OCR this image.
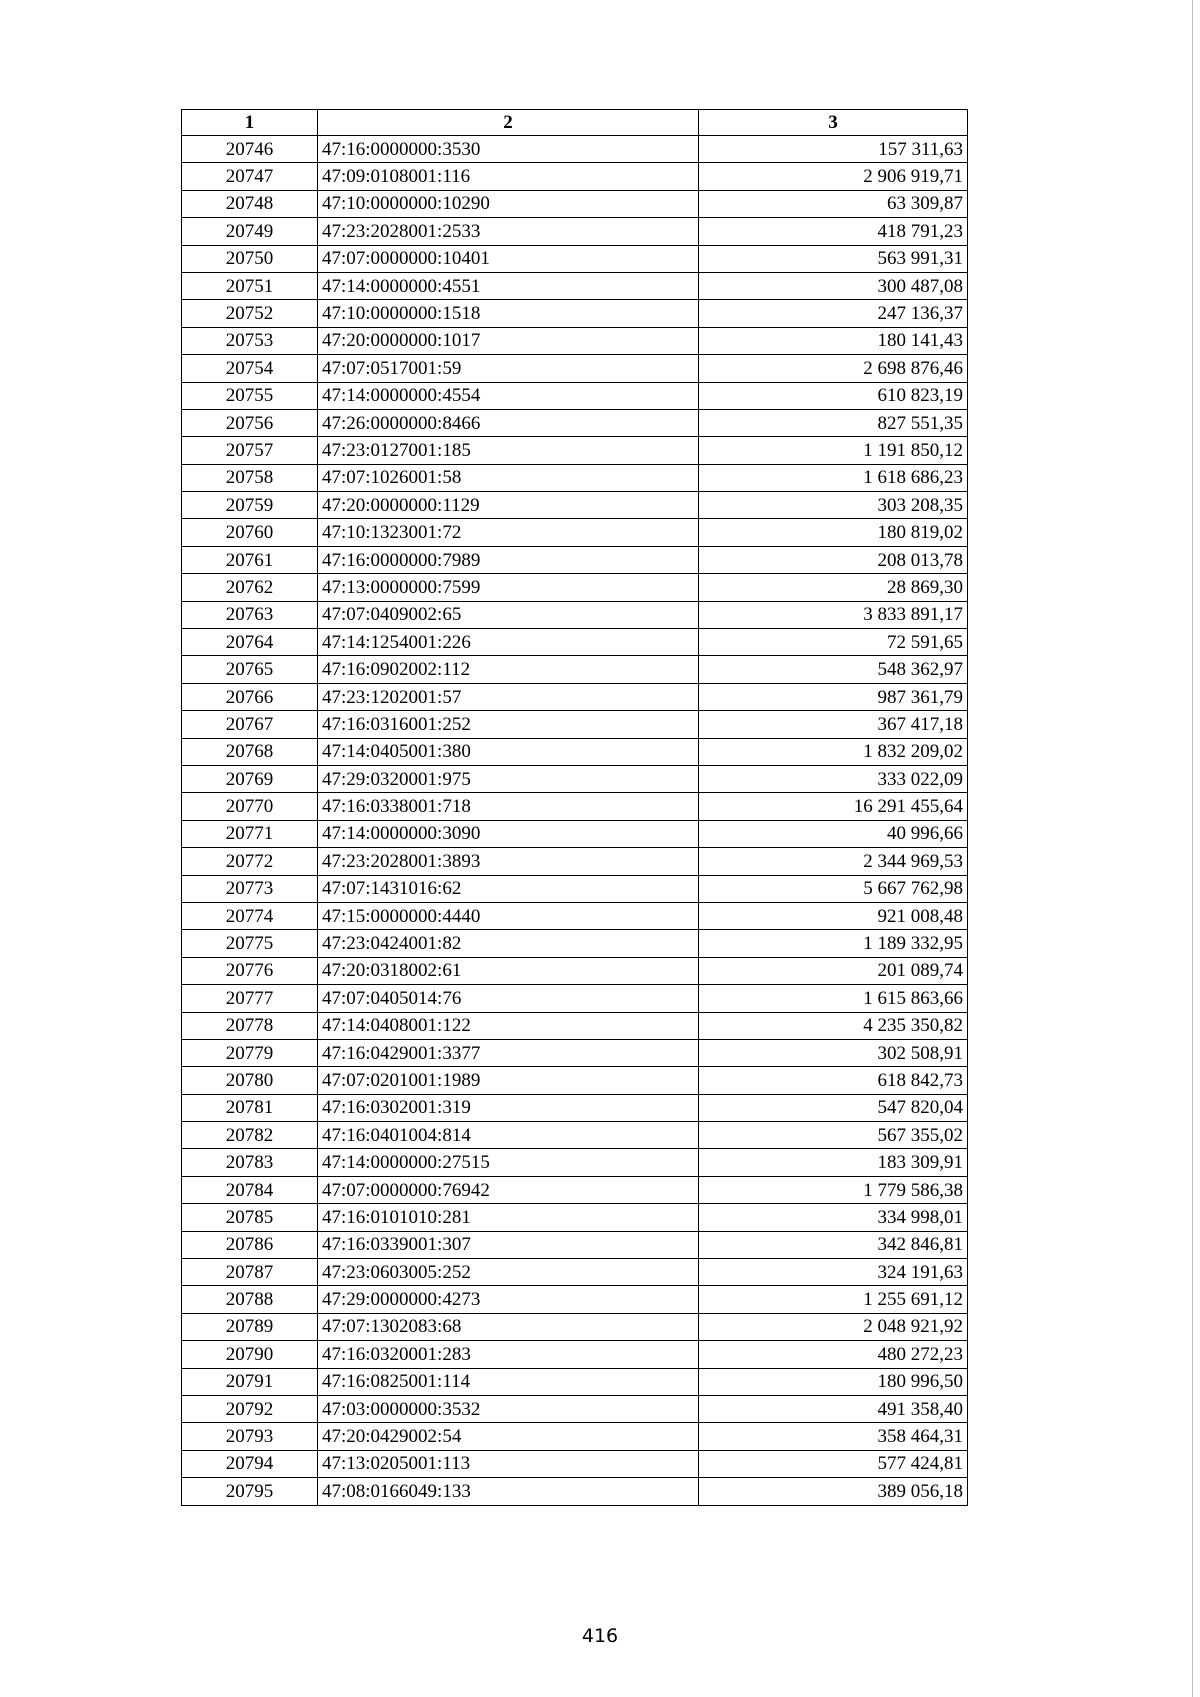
1	2	3
20746	47:16:0000000:3530	157 311,63
20747	47:09:0108001:116	2 906 919,71
20748	47:10:0000000:10290	63 309,87
20749	47:23:2028001:2533	418 791,23
20750	47:07:0000000:10401	563 991,31
20751	47:14:0000000:4551	300 487,08
20752	47:10:0000000:1518	247 136,37
20753	47:20:0000000:1017	180 141,43
20754	47:07:0517001:59	2 698 876,46
20755	47:14:0000000:4554	610 823,19
20756	47:26:0000000:8466	827 551,35
20757	47:23:0127001:185	1 191 850,12
20758	47:07:1026001:58	1 618 686,23
20759	47:20:0000000:1129	303 208,35
20760	47:10:1323001:72	180 819,02
20761	47:16:0000000:7989	208 013,78
20762	47:13:0000000:7599	28 869,30
20763	47:07:0409002:65	3 833 891,17
20764	47:14:1254001:226	72 591,65
20765	47:16:0902002:112	548 362,97
20766	47:23:1202001:57	987 361,79
20767	47:16:0316001:252	367 417,18
20768	47:14:0405001:380	1 832 209,02
20769	47:29:0320001:975	333 022,09
20770	47:16:0338001:718	16 291 455,64
20771	47:14:0000000:3090	40 996,66
20772	47:23:2028001:3893	2 344 969,53
20773	47:07:1431016:62	5 667 762,98
20774	47:15:0000000:4440	921 008,48
20775	47:23:0424001:82	1 189 332,95
20776	47:20:0318002:61	201 089,74
20777	47:07:0405014:76	1 615 863,66
20778	47:14:0408001:122	4 235 350,82
20779	47:16:0429001:3377	302 508,91
20780	47:07:0201001:1989	618 842,73
20781	47:16:0302001:319	547 820,04
20782	47:16:0401004:814	567 355,02
20783	47:14:0000000:27515	183 309,91
20784	47:07:0000000:76942	1 779 586,38
20785	47:16:0101010:281	334 998,01
20786	47:16:0339001:307	342 846,81
20787	47:23:0603005:252	324 191,63
20788	47:29:0000000:4273	1 255 691,12
20789	47:07:1302083:68	2 048 921,92
20790	47:16:0320001:283	480 272,23
20791	47:16:0825001:114	180 996,50
20792	47:03:0000000:3532	491 358,40
20793	47:20:0429002:54	358 464,31
20794	47:13:0205001:113	577 424,81
20795	47:08:0166049:133	389 056,18
416
